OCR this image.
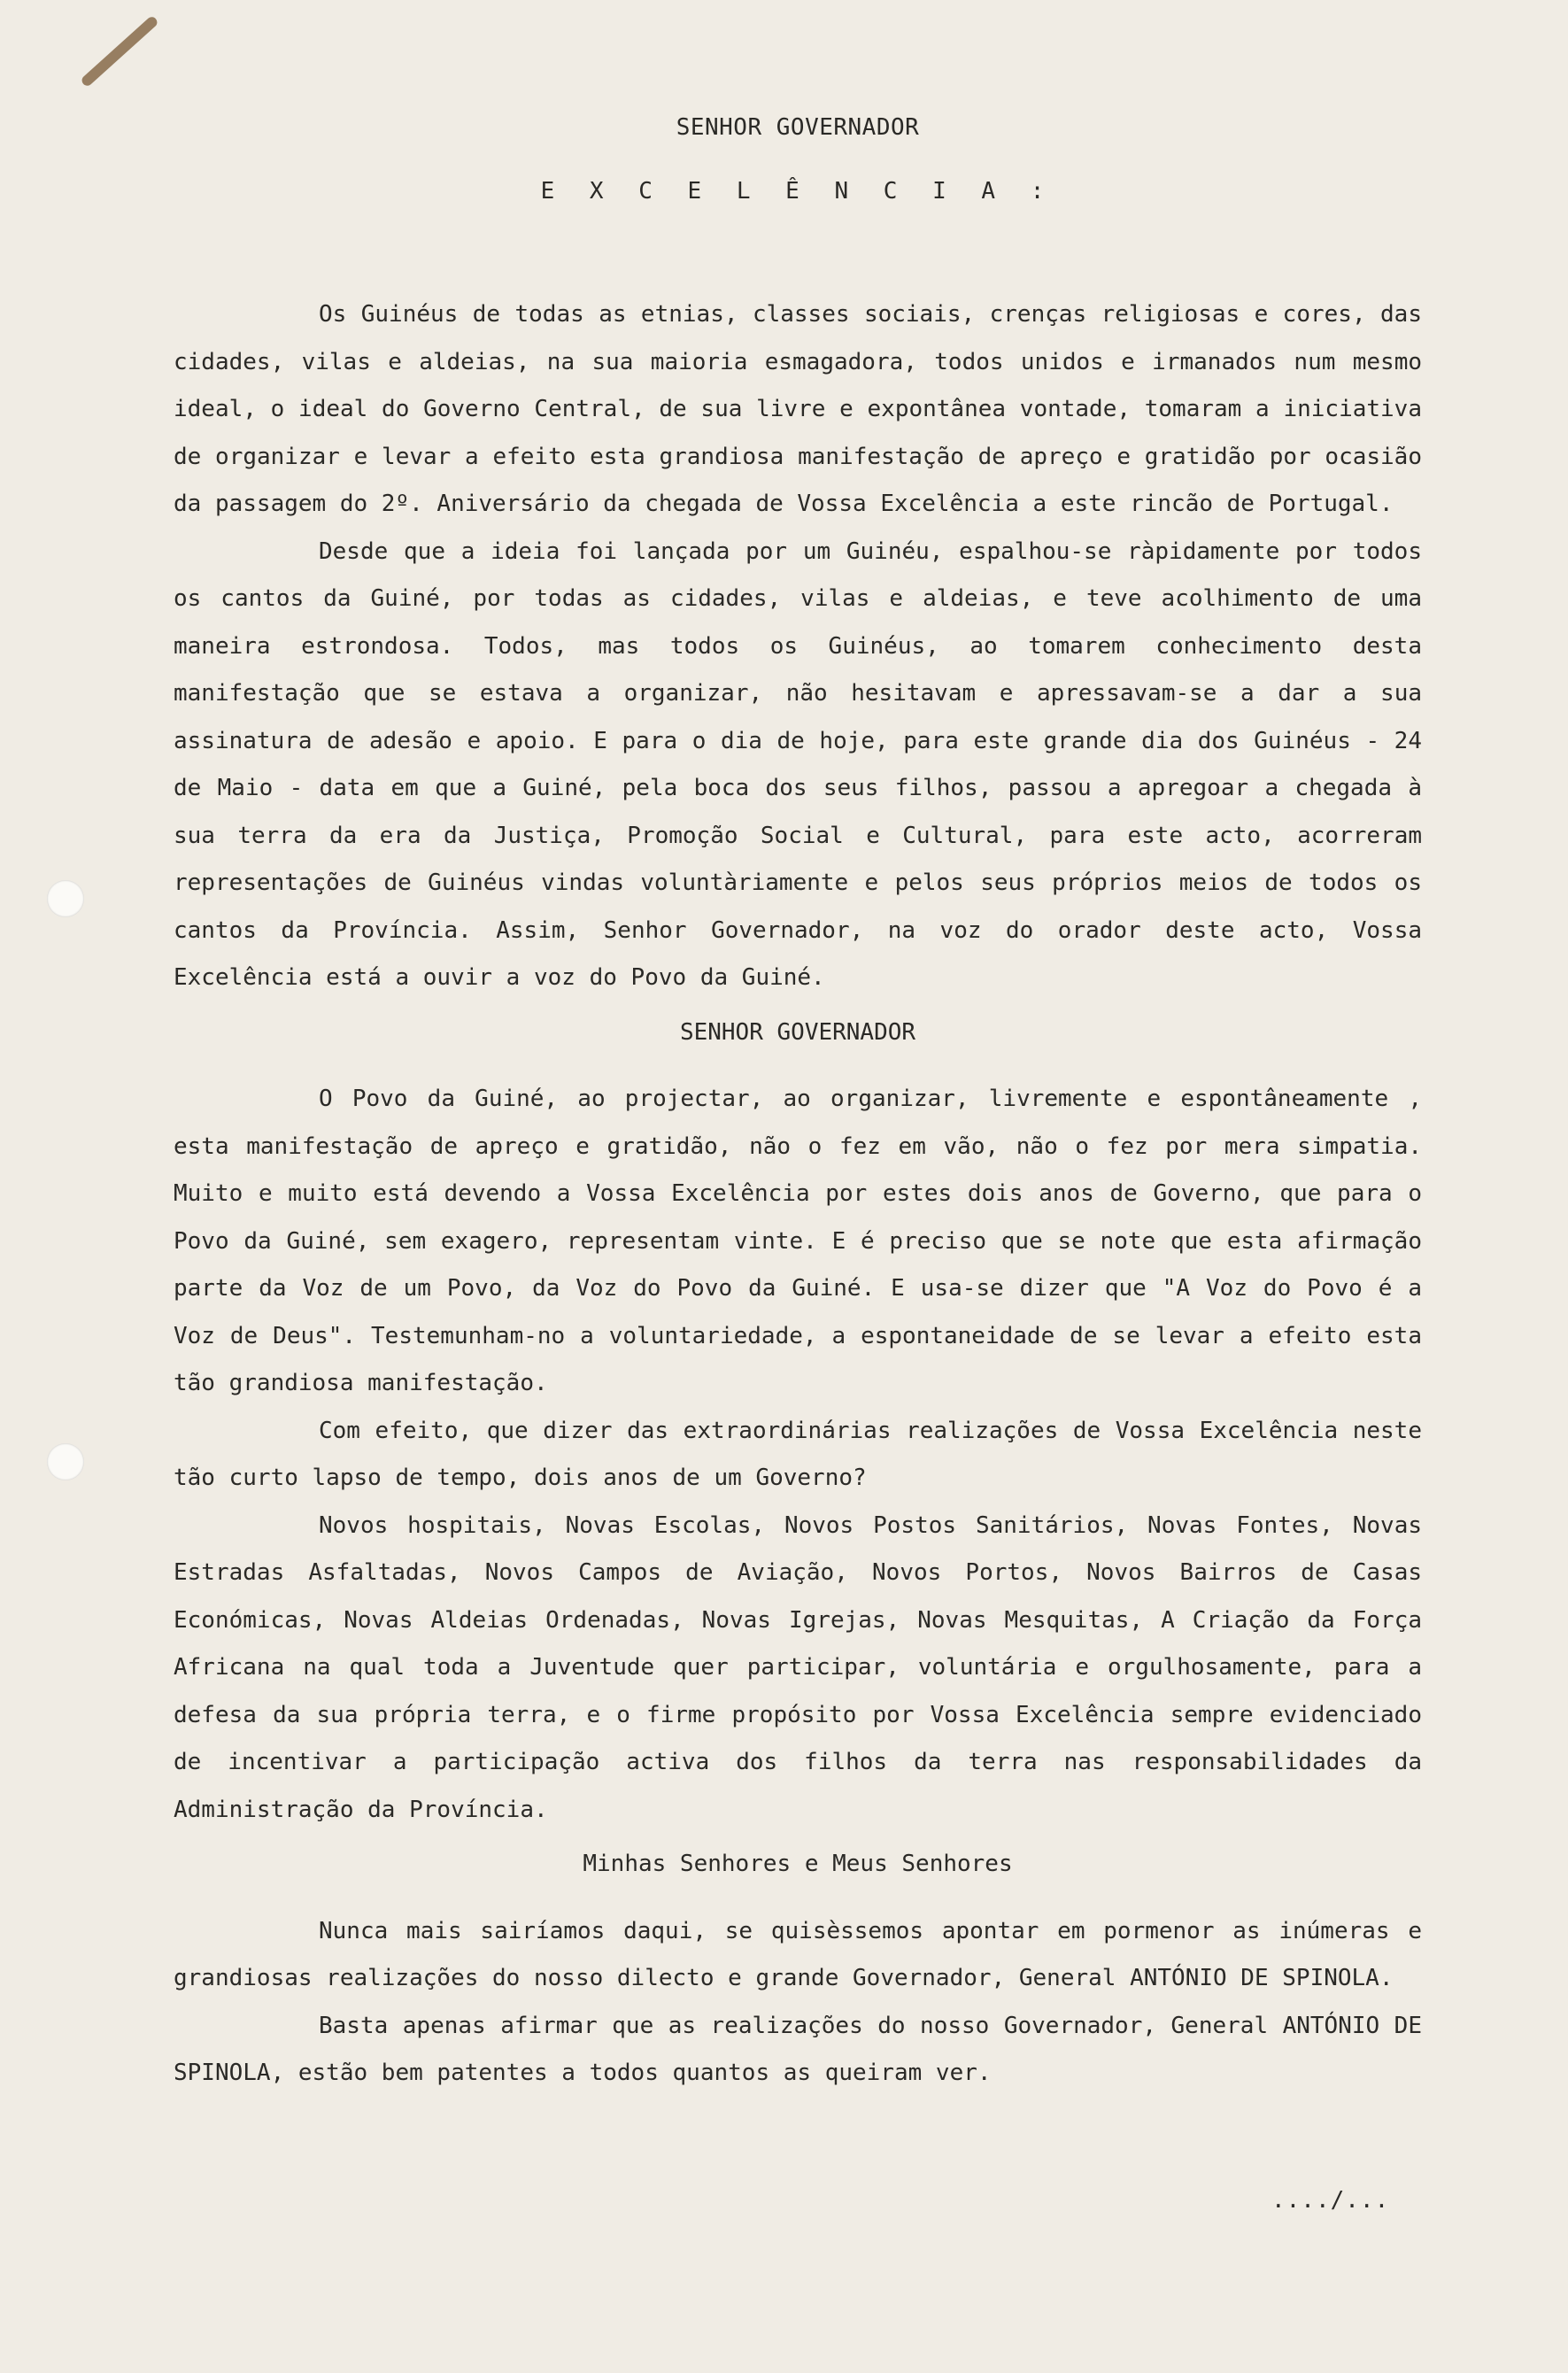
SENHOR GOVERNADOR

E X C E L Ê N C I A :

Os Guinéus de todas as etnias, classes sociais, crenças religiosas e cores, das cidades, vilas e aldeias, na sua maioria esmagadora, todos unidos e irmanados num mesmo ideal, o ideal do Governo Central, de sua livre e expontânea vontade, tomaram a iniciativa de organizar e levar a efeito esta grandiosa manifestação de apreço e gratidão por ocasião da passagem do 2º. Aniversário da chegada de Vossa Excelência a este rincão de Portugal.

Desde que a ideia foi lançada por um Guinéu, espalhou-se ràpidamente por todos os cantos da Guiné, por todas as cidades, vilas e aldeias, e teve acolhimento de uma maneira estrondosa. Todos, mas todos os Guinéus, ao tomarem conhecimento desta manifestação que se estava a organizar, não hesitavam e apressavam-se a dar a sua assinatura de adesão e apoio. E para o dia de hoje, para este grande dia dos Guinéus - 24 de Maio - data em que a Guiné, pela boca dos seus filhos, passou a apregoar a chegada à sua terra da era da Justiça, Promoção Social e Cultural, para este acto, acorreram representações de Guinéus vindas voluntàriamente e pelos seus próprios meios de todos os cantos da Província. Assim, Senhor Governador, na voz do orador deste acto, Vossa Excelência está a ouvir a voz do Povo da Guiné.

SENHOR GOVERNADOR

O Povo da Guiné, ao projectar, ao organizar, livremente e espontâneamente , esta manifestação de apreço e gratidão, não o fez em vão, não o fez por mera simpatia. Muito e muito está devendo a Vossa Excelência por estes dois anos de Governo, que para o Povo da Guiné, sem exagero, representam vinte. E é preciso que se note que esta afirmação parte da Voz de um Povo, da Voz do Povo da Guiné. E usa-se dizer que "A Voz do Povo é a Voz de Deus". Testemunham-no a voluntariedade, a espontaneidade de se levar a efeito esta tão grandiosa manifestação.

Com efeito, que dizer das extraordinárias realizações de Vossa Excelência neste tão curto lapso de tempo, dois anos de um Governo?

Novos hospitais, Novas Escolas, Novos Postos Sanitários, Novas Fontes, Novas Estradas Asfaltadas, Novos Campos de Aviação, Novos Portos, Novos Bairros de Casas Económicas, Novas Aldeias Ordenadas, Novas Igrejas, Novas Mesquitas, A Criação da Força Africana na qual toda a Juventude quer participar, voluntária e orgulhosamente, para a defesa da sua própria terra, e o firme propósito por Vossa Excelência sempre evidenciado de incentivar a participação activa dos filhos da terra nas responsabilidades da Administração da Província.

Minhas Senhores e Meus Senhores

Nunca mais sairíamos daqui, se quisèssemos apontar em pormenor as inúmeras e grandiosas realizações do nosso dilecto e grande Governador, General ANTÓNIO DE SPINOLA.

Basta apenas afirmar que as realizações do nosso Governador, General ANTÓNIO DE SPINOLA, estão bem patentes a todos quantos as queiram ver.

..../...
